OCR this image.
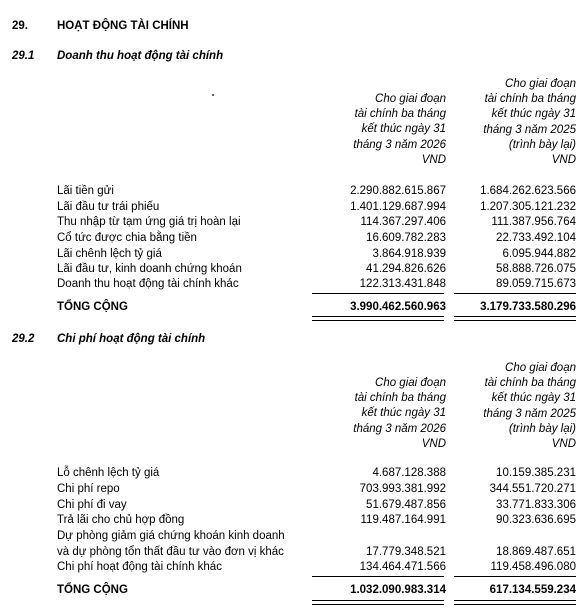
29.	HOẠT ĐỘNG TÀI CHÍNH
29.1 Doanh thu hoạt động tài chính
Cho giai đoạn
tài chính ba tháng
kết thúc ngày 31
tháng 3 năm 2026
VND
Cho giai đoạn
tài chính ba tháng
kết thúc ngày 31
tháng 3 năm 2025
(trình bày lại)
VND
Lãi tiền gửi	2.290.882.615.867	1.684.262.623.566
Lãi đầu tư trái phiếu	1.401.129.687.994	1.207.305.121.232
Thu nhập từ tạm ứng giá trị hoàn lại	114.367.297.406	111.387.956.764
Cổ tức được chia bằng tiền	16.609.782.283	22.733.492.104
Lãi chênh lệch tỷ giá	3.864.918.939	6.095.944.882
Lãi đầu tư, kinh doanh chứng khoán	41.294.826.626	58.888.726.075
Doanh thu hoạt động tài chính khác	122.313.431.848	89.059.715.673
TỔNG CỘNG	3.990.462.560.963	3.179.733.580.296
29.2 Chi phí hoạt động tài chính
Cho giai đoạn
tài chính ba tháng
kết thúc ngày 31
tháng 3 năm 2026
VND
Cho giai đoạn
tài chính ba tháng
kết thúc ngày 31
tháng 3 năm 2025
(trình bày lại)
VND
Lỗ chênh lệch tỷ giá	4.687.128.388	10.159.385.231
Chi phí repo	703.993.381.992	344.551.720.271
Chi phí đi vay	51.679.487.856	33.771.833.306
Trả lãi cho chủ hợp đồng	119.487.164.991	90.323.636.695
Dự phòng giảm giá chứng khoán kinh doanh
và dự phòng tổn thất đầu tư vào đơn vị khác	17.779.348.521	18.869.487.651
Chi phí hoạt động tài chính khác	134.464.471.566	119.458.496.080
TỔNG CỘNG	1.032.090.983.314	617.134.559.234
